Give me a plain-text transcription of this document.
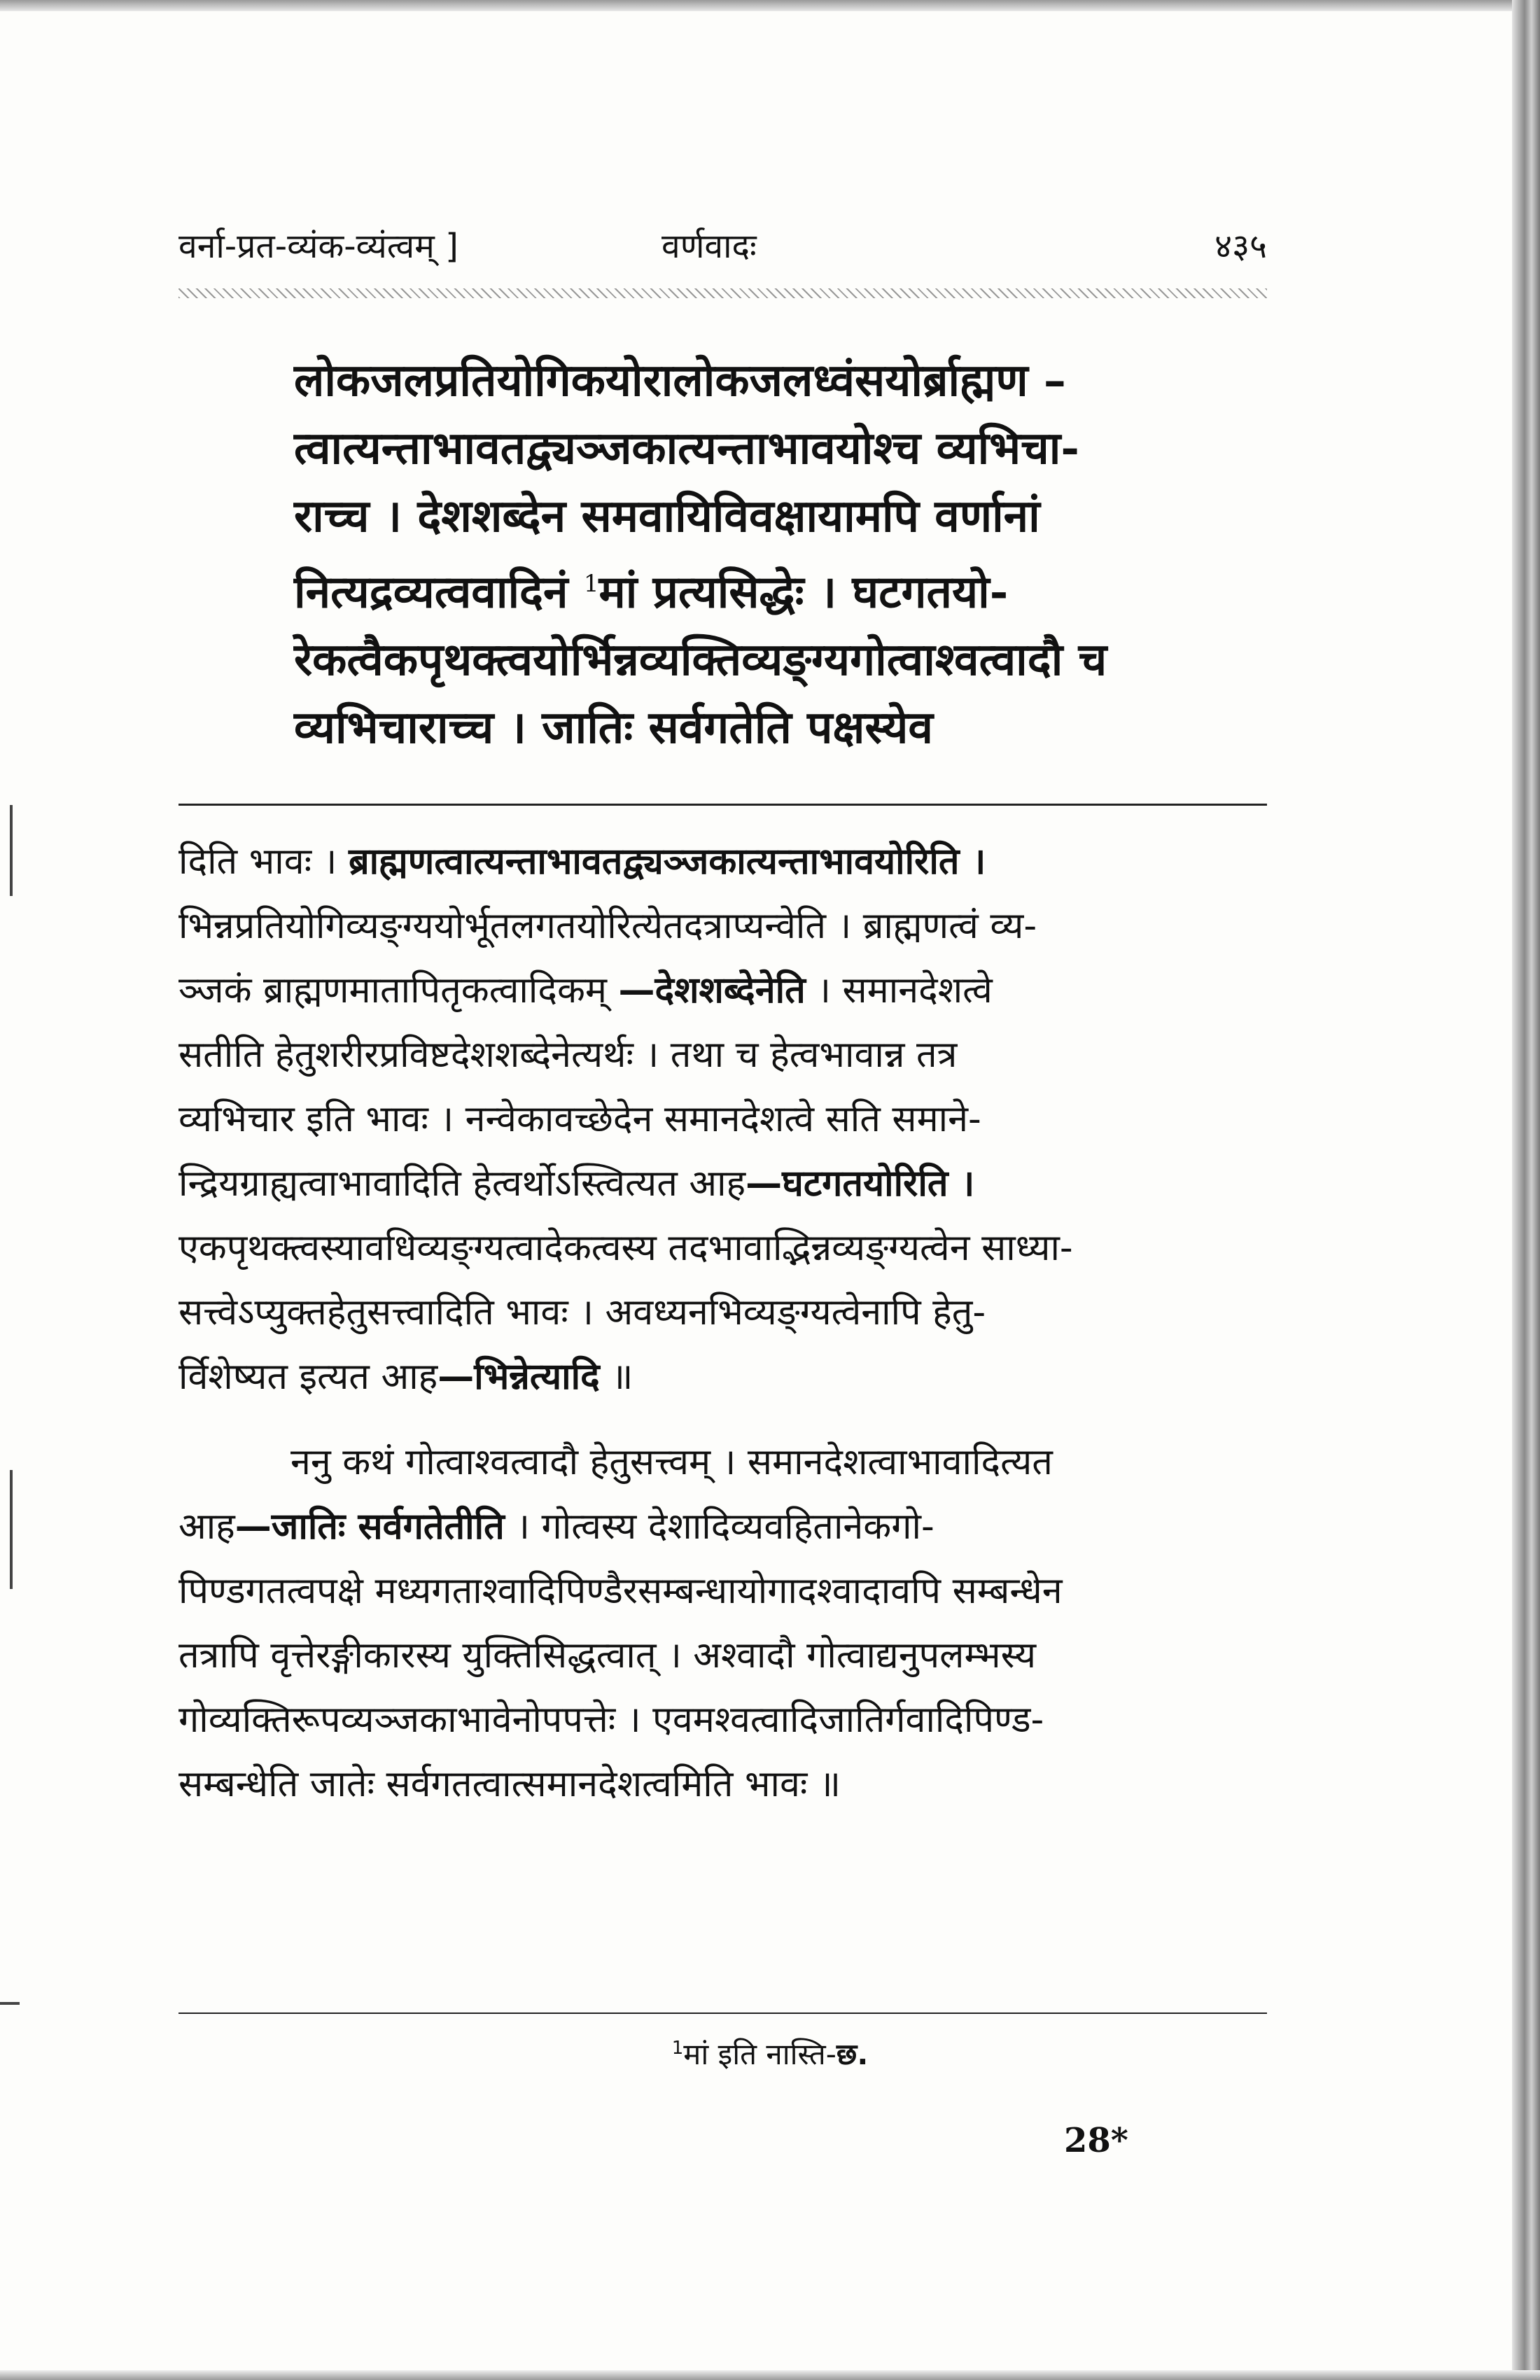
वर्ना-प्रत-व्यंक-व्यंत्वम् ]	वर्णवादः	४३५
लोकजलप्रतियोगिकयोरालोकजलध्वंसयोर्ब्राह्मण –
त्वात्यन्ताभावतद्व्यञ्जकात्यन्ताभावयोश्च व्यभिचा-
राच्च । देशशब्देन समवायिविवक्षायामपि वर्णानां
नित्यद्रव्यत्ववादिनं $^1$मां प्रत्यसिद्धेः । घटगतयो-
रेकत्वैकपृथक्त्वयोर्भिन्नव्यक्तिव्यङ्ग्यगोत्वाश्वत्वादौ च
व्यभिचाराच्च । जातिः सर्वगतेति पक्षस्येव
दिति भावः । ब्राह्मणत्वात्यन्ताभावतद्व्यञ्जकात्यन्ताभावयोरिति ।
भिन्नप्रतियोगिव्यङ्ग्ययोर्भूतलगतयोरित्येतदत्राप्यन्वेति । ब्राह्मणत्वं व्य-
ञ्जकं ब्राह्मणमातापितृकत्वादिकम् —देशशब्देनेति । समानदेशत्वे
सतीति हेतुशरीरप्रविष्टदेशशब्देनेत्यर्थः । तथा च हेत्वभावान्न तत्र
व्यभिचार इति भावः । नन्वेकावच्छेदेन समानदेशत्वे सति समाने-
न्द्रियग्राह्यत्वाभावादिति हेत्वर्थोऽस्त्वित्यत आह—घटगतयोरिति ।
एकपृथक्त्वस्यावधिव्यङ्ग्यत्वादेकत्वस्य तदभावाद्भिन्नव्यङ्ग्यत्वेन साध्या-
सत्त्वेऽप्युक्तहेतुसत्त्वादिति भावः । अवध्यनभिव्यङ्ग्यत्वेनापि हेतु-
र्विशेष्यत इत्यत आह—भिन्नेत्यादि ॥
ननु कथं गोत्वाश्वत्वादौ हेतुसत्त्वम् । समानदेशत्वाभावादित्यत
आह—जातिः सर्वगतेतीति । गोत्वस्य देशादिव्यवहितानेकगो-
पिण्डगतत्वपक्षे मध्यगताश्वादिपिण्डैरसम्बन्धायोगादश्वादावपि सम्बन्धेन
तत्रापि वृत्तेरङ्गीकारस्य युक्तिसिद्धत्वात् । अश्वादौ गोत्वाद्यनुपलम्भस्य
गोव्यक्तिरूपव्यञ्जकाभावेनोपपत्तेः । एवमश्वत्वादिजातिर्गवादिपिण्ड-
सम्बन्धेति जातेः सर्वगतत्वात्समानदेशत्वमिति भावः ॥
$^1$मां इति नास्ति-छ.
28*
